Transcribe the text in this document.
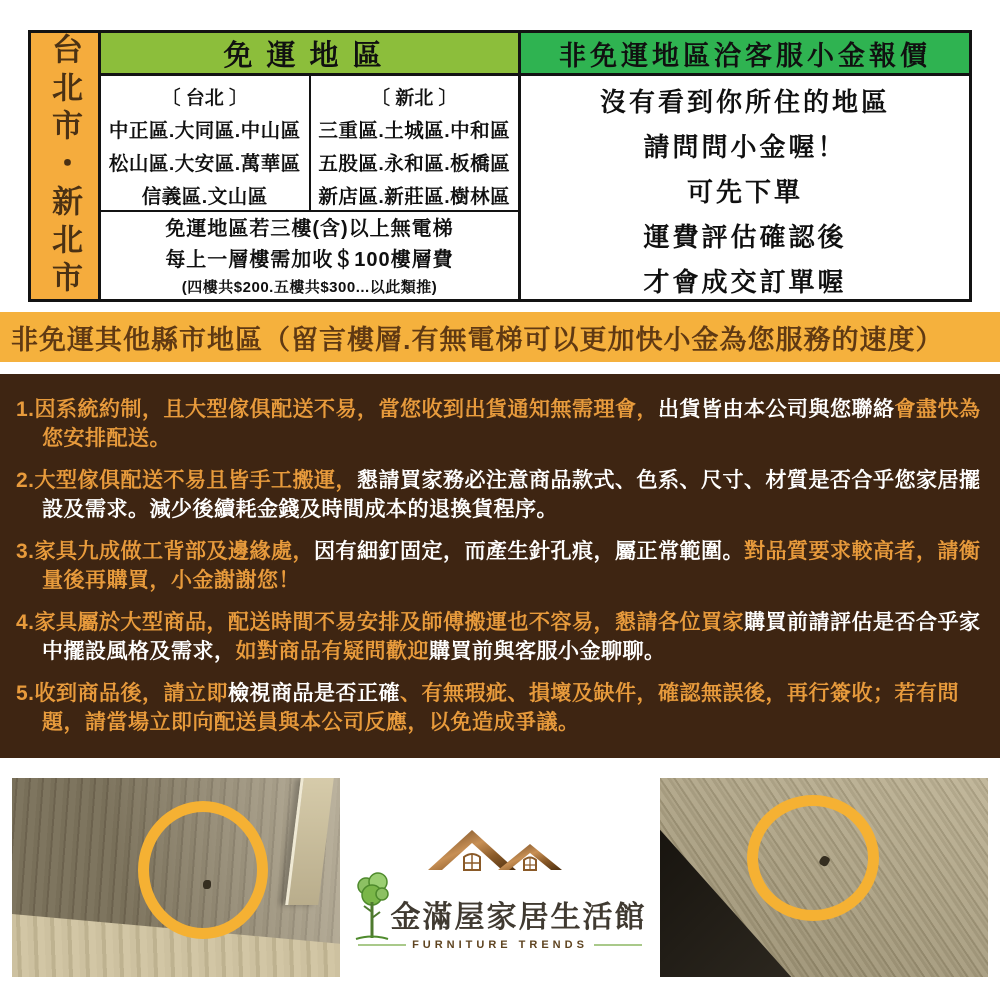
台北市・新北市	免運地區
〔 台北 〕
中正區.大同區.中山區
松山區.大安區.萬華區
信義區.文山區
〔 新北 〕
三重區.土城區.中和區
五股區.永和區.板橋區
新店區.新莊區.樹林區
免運地區若三樓(含)以上無電梯
每上一層樓需加收＄100樓層費
(四樓共$200.五樓共$300...以此類推)
非免運地區洽客服小金報價
沒有看到你所住的地區
請問問小金喔！
可先下單
運費評估確認後
才會成交訂單喔
非免運其他縣市地區（留言樓層.有無電梯可以更加快小金為您服務的速度）

1.因系統約制，且大型傢俱配送不易，當您收到出貨通知無需理會，出貨皆由本公司與您聯絡會盡快為您安排配送。

2.大型傢俱配送不易且皆手工搬運，懇請買家務必注意商品款式、色系、尺寸、材質是否合乎您家居擺設及需求。減少後續耗金錢及時間成本的退換貨程序。

3.家具九成做工背部及邊緣處，因有細釘固定，而產生針孔痕，屬正常範圍。對品質要求較高者，請衡量後再購買，小金謝謝您！

4.家具屬於大型商品，配送時間不易安排及師傅搬運也不容易，懇請各位買家購買前請評估是否合乎家中擺設風格及需求，如對商品有疑問歡迎購買前與客服小金聊聊。

5.收到商品後，請立即檢視商品是否正確、有無瑕疵、損壞及缺件，確認無誤後，再行簽收；若有問題，請當場立即向配送員與本公司反應，以免造成爭議。

金滿屋家居生活館
FURNITURE TRENDS
